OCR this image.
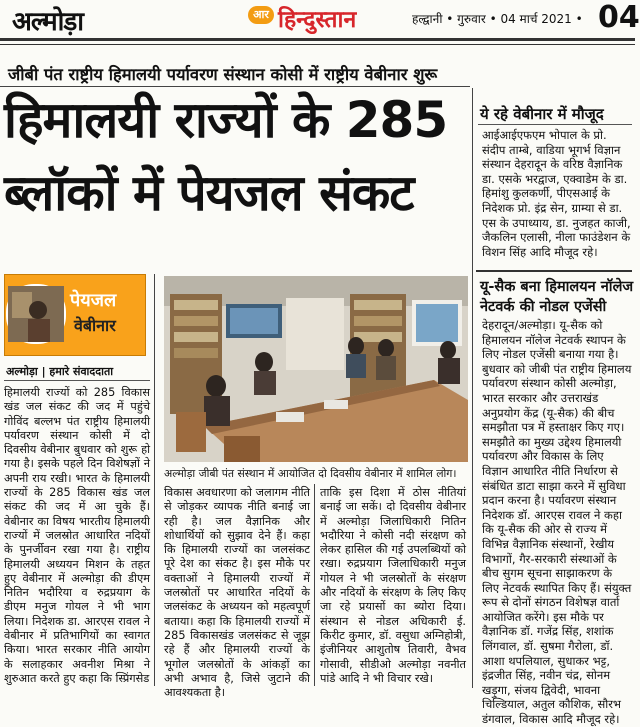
अल्मोड़ा	आर हिन्दुस्तान	हल्द्वानी • गुरुवार • 04 मार्च 2021 • 04
जीबी पंत राष्ट्रीय हिमालयी पर्यावरण संस्थान कोसी में राष्ट्रीय वेबीनार शुरू
हिमालयी राज्यों के 285
ब्लॉकों में पेयजल संकट
पेयजल
वेबीनार
अल्मोड़ा | हमारे संवाददाता
हिमालयी राज्यों को 285 विकास खंड जल संकट की जद में पहुंचे गोविंद बल्लभ पंत राष्ट्रीय हिमालयी पर्यावरण संस्थान कोसी में दो दिवसीय वेबीनार बुधवार को शुरू हो गया है। इसके पहले दिन विशेषज्ञों ने अपनी राय रखी। भारत के हिमालयी राज्यों के 285 विकास खंड जल संकट की जद में आ चुके हैं। वेबीनार का विषय भारतीय हिमालयी राज्यों में जलस्रोत आधारित नदियों के पुनर्जीवन रखा गया है। राष्ट्रीय हिमालयी अध्ययन मिशन के तहत हुए वेबीनार में अल्मोड़ा की डीएम नितिन भदौरिया व रुद्रप्रयाग के डीएम मनुज गोयल ने भी भाग लिया। निदेशक डा. आरएस रावल ने वेबीनार में प्रतिभागियों का स्वागत किया। भारत सरकार नीति आयोग के सलाहकार अवनीश मिश्रा ने शुरुआत करते हुए कहा कि स्प्रिंगसेड
अल्मोड़ा जीबी पंत संस्थान में आयोजित दो दिवसीय वेबीनार में शामिल लोग।
विकास अवधारणा को जलागम नीति से जोड़कर व्यापक नीति बनाई जा रही है। जल वैज्ञानिक और शोधार्थियों को सुझाव देने हैं। कहा कि हिमालयी राज्यों का जलसंकट पूरे देश का संकट है। इस मौके पर वक्ताओं ने हिमालयी राज्यों में जलस्रोतों पर आधारित नदियों के जलसंकट के अध्ययन को महत्वपूर्ण बताया। कहा कि हिमालयी राज्यों में 285 विकासखंड जलसंकट से जूझ रहे हैं और हिमालयी राज्यों के भूगोल जलस्रोतों के आंकड़ों का अभी अभाव है, जिसे जुटाने की आवश्यकता है।
ताकि इस दिशा में ठोस नीतियां बनाई जा सकें। दो दिवसीय वेबीनार में अल्मोड़ा जिलाधिकारी नितिन भदौरिया ने कोसी नदी संरक्षण को लेकर हासिल की गई उपलब्धियों को रखा। रुद्रप्रयाग जिलाधिकारी मनुज गोयल ने भी जलस्रोतों के संरक्षण और नदियों के संरक्षण के लिए किए जा रहे प्रयासों का ब्योरा दिया। संस्थान से नोडल अधिकारी ई. किरीट कुमार, डॉ. वसुधा अग्निहोत्री, इंजीनियर आशुतोष तिवारी, वैभव गोसावी, सीडीओ अल्मोड़ा नवनीत पांडे आदि ने भी विचार रखे।
ये रहे वेबीनार में मौजूद
आईआईएफएम भोपाल के प्रो. संदीप ताम्बे, वाडिया भूगर्भ विज्ञान संस्थान देहरादून के वरिष्ठ वैज्ञानिक डा. एसके भरद्वाज, एक्वाडेम के डा. हिमांशु कुलकर्णी, पीएसआई के निदेशक प्रो. इंद्र सेन, ग्राम्या से डा. एस के उपाध्याय, डा. नुजहत काजी, जैकलिन एलासी, नीला फाउंडेशन के विशन सिंह आदि मौजूद रहे।
यू-सैक बना हिमालयन नॉलेज
नेटवर्क की नोडल एजेंसी
देहरादून/अल्मोड़ा। यू-सैक को हिमालयन नॉलेज नेटवर्क स्थापन के लिए नोडल एजेंसी बनाया गया है। बुधवार को जीबी पंत राष्ट्रीय हिमालय पर्यावरण संस्थान कोसी अल्मोड़ा, भारत सरकार और उत्तराखंड अनुप्रयोग केंद्र (यू-सैक) की बीच समझौता पत्र में हस्ताक्षर किए गए। समझौते का मुख्य उद्देश्य हिमालयी पर्यावरण और विकास के लिए विज्ञान आधारित नीति निर्धारण से संबंधित डाटा साझा करने में सुविधा प्रदान करना है। पर्यावरण संस्थान निदेशक डॉ. आरएस रावल ने कहा कि यू-सैक की ओर से राज्य में विभिन्न वैज्ञानिक संस्थानों, रेखीय विभागों, गैर-सरकारी संस्थाओं के बीच सुगम सूचना साझाकरण के लिए नेटवर्क स्थापित किए हैं। संयुक्त रूप से दोनों संगठन विशेषज्ञ वार्ता आयोजित करेंगे। इस मौके पर वैज्ञानिक डॉ. गजेंद्र सिंह, शशांक लिंगवाल, डॉ. सुषमा गैरोला, डॉ. आशा थपलियाल, सुधाकर भट्ट, इंद्रजीत सिंह, नवीन चंद्र, सोनम खड़ुगा, संजय द्विवेदी, भावना चिल्डियाल, अतुल कौशिक, सौरभ डंगवाल, विकास आदि मौजूद रहे।
